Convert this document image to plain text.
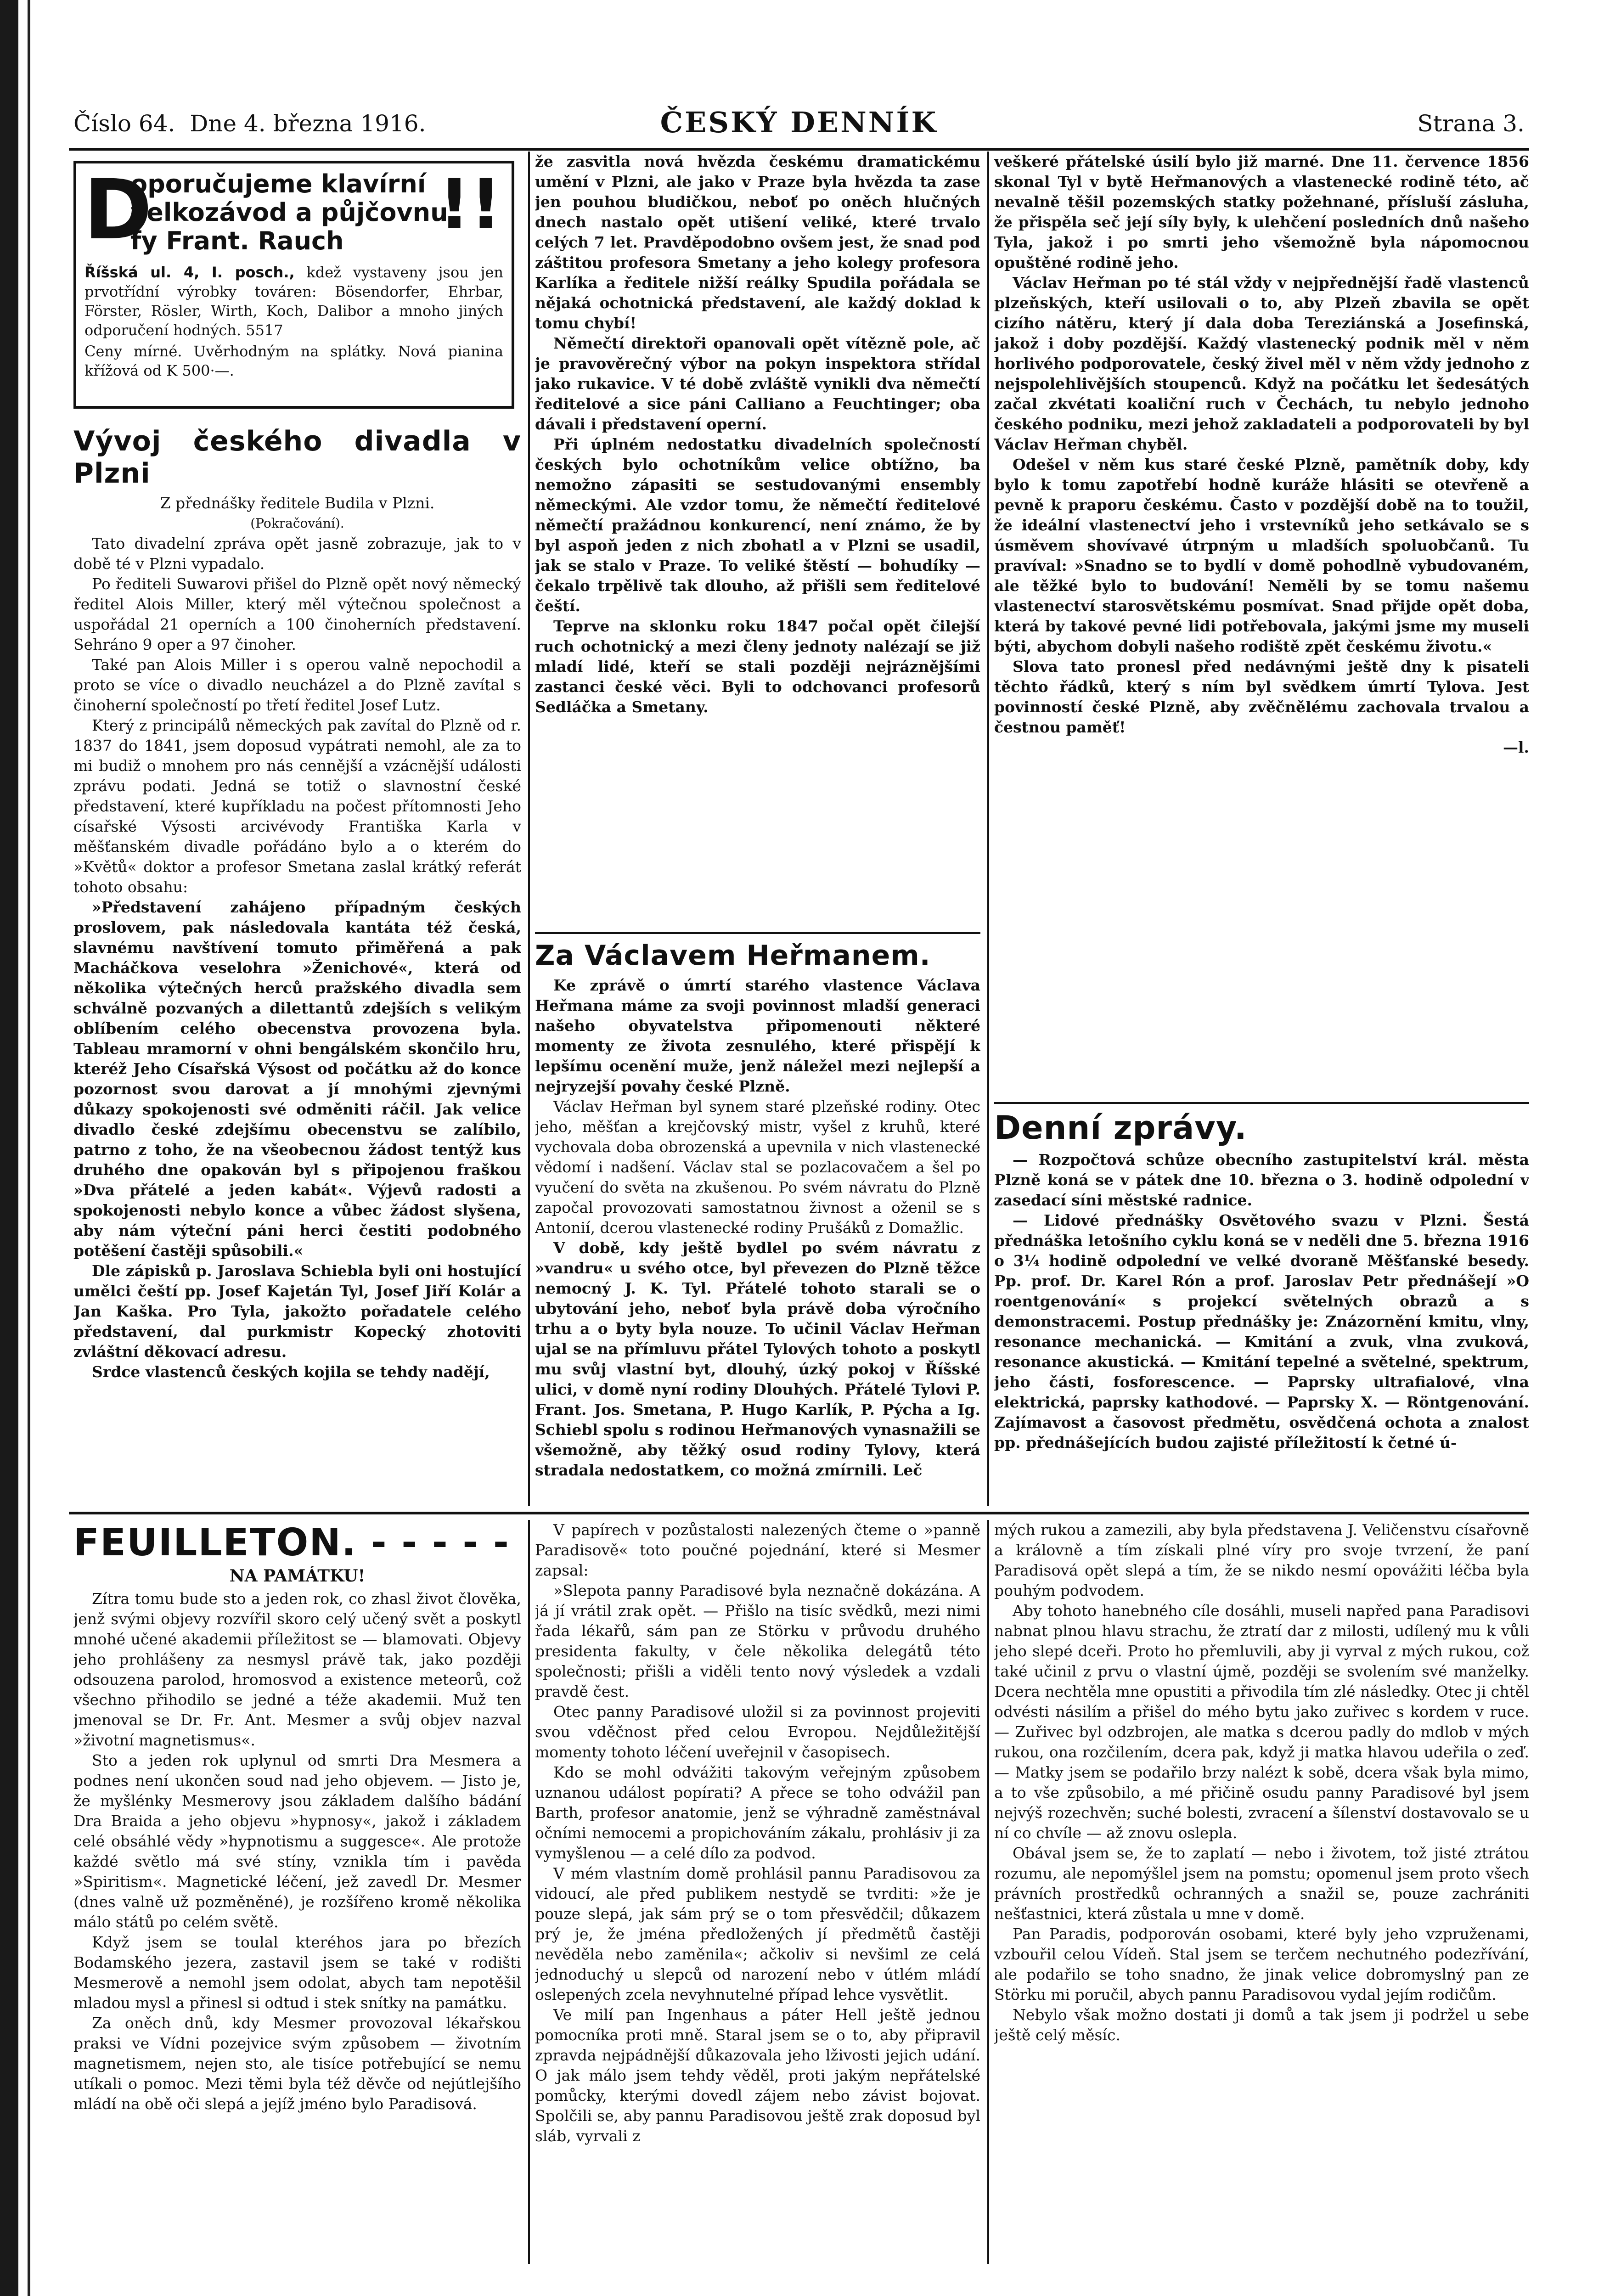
Číslo 64. Dne 4. března 1916.	ČESKÝ DENNÍK	Strana 3.
D	!!
oporučujeme klavírní velkozávod a půjčovnu fy Frant. Rauch
Říšská ul. 4, I. posch., kdež vystaveny jsou jen prvotřídní výrobky továren: Bösendorfer, Ehrbar, Förster, Rösler, Wirth, Koch, Dalibor a mnoho jiných odporučení hodných. 5517
Ceny mírné. Uvěrhodným na splátky. Nová pianina křížová od K 500·—.

Vývoj českého divadla v Plzni

Z přednášky ředitele Budila v Plzni.

(Pokračování).

Tato divadelní zpráva opět jasně zobrazuje, jak to v době té v Plzni vypadalo.

Po řediteli Suwarovi přišel do Plzně opět nový německý ředitel Alois Miller, který měl výtečnou společnost a uspořádal 21 operních a 100 činoherních představení. Sehráno 9 oper a 97 činoher.

Také pan Alois Miller i s operou valně nepochodil a proto se více o divadlo neucházel a do Plzně zavítal s činoherní společností po třetí ředitel Josef Lutz.

Který z principálů německých pak zavítal do Plzně od r. 1837 do 1841, jsem doposud vypátrati nemohl, ale za to mi budiž o mnohem pro nás cennější a vzácnější události zprávu podati. Jedná se totiž o slavnostní české představení, které kupříkladu na počest přítomnosti Jeho císařské Výsosti arcivévody Františka Karla v měšťanském divadle pořádáno bylo a o kterém do »Květů« doktor a profesor Smetana zaslal krátký referát tohoto obsahu:

»Představení zahájeno případným českých proslovem, pak následovala kantáta též česká, slavnému navštívení tomuto přiměřená a pak Macháčkova veselohra »Ženichové«, která od několika výtečných herců pražského divadla sem schválně pozvaných a dilettantů zdejších s velikým oblíbením celého obecenstva provozena byla. Tableau mramorní v ohni bengálském skončilo hru, kteréž Jeho Císařská Výsost od počátku až do konce pozornost svou darovat a jí mnohými zjevnými důkazy spokojenosti své odměniti ráčil. Jak velice divadlo české zdejšímu obecenstvu se zalíbilo, patrno z toho, že na všeobecnou žádost tentýž kus druhého dne opakován byl s připojenou fraškou »Dva přátelé a jeden kabát«. Výjevů radosti a spokojenosti nebylo konce a vůbec žádost slyšena, aby nám výteční páni herci čestiti podobného potěšení častěji spůsobili.«

Dle zápisků p. Jaroslava Schiebla byli oni hostující umělci čeští pp. Josef Kajetán Tyl, Josef Jiří Kolár a Jan Kaška. Pro Tyla, jakožto pořadatele celého představení, dal purkmistr Kopecký zhotoviti zvláštní děkovací adresu.

Srdce vlastenců českých kojila se tehdy nadějí,

že zasvitla nová hvězda českému dramatickému umění v Plzni, ale jako v Praze byla hvězda ta zase jen pouhou bludičkou, neboť po oněch hlučných dnech nastalo opět utišení veliké, které trvalo celých 7 let. Pravděpodobno ovšem jest, že snad pod záštitou profesora Smetany a jeho kolegy profesora Karlíka a ředitele nižší reálky Spudila pořádala se nějaká ochotnická představení, ale každý doklad k tomu chybí!

Němečtí direktoři opanovali opět vítězně pole, ač je pravověrečný výbor na pokyn inspektora střídal jako rukavice. V té době zvláště vynikli dva němečtí ředitelové a sice páni Calliano a Feuchtinger; oba dávali i představení operní.

Při úplném nedostatku divadelních společností českých bylo ochotníkům velice obtížno, ba nemožno zápasiti se sestudovanými ensembly německými. Ale vzdor tomu, že němečtí ředitelové němečtí pražádnou konkurencí, není známo, že by byl aspoň jeden z nich zbohatl a v Plzni se usadil, jak se stalo v Praze. To veliké štěstí — bohudíky — čekalo trpělivě tak dlouho, až přišli sem ředitelové čeští.

Teprve na sklonku roku 1847 počal opět čilejší ruch ochotnický a mezi členy jednoty nalézají se již mladí lidé, kteří se stali později nejráznějšími zastanci české věci. Byli to odchovanci profesorů Sedláčka a Smetany.

Za Václavem Heřmanem.

Ke zprávě o úmrtí starého vlastence Václava Heřmana máme za svoji povinnost mladší generaci našeho obyvatelstva připomenouti některé momenty ze života zesnulého, které přispějí k lepšímu ocenění muže, jenž náležel mezi nejlepší a nejryzejší povahy české Plzně.

Václav Heřman byl synem staré plzeňské rodiny. Otec jeho, měšťan a krejčovský mistr, vyšel z kruhů, které vychovala doba obrozenská a upevnila v nich vlastenecké vědomí i nadšení. Václav stal se pozlacovačem a šel po vyučení do světa na zkušenou. Po svém návratu do Plzně započal provozovati samostatnou živnost a oženil se s Antonií, dcerou vlastenecké rodiny Prušáků z Domažlic.

V době, kdy ještě bydlel po svém návratu z »vandru« u svého otce, byl převezen do Plzně těžce nemocný J. K. Tyl. Přátelé tohoto starali se o ubytování jeho, neboť byla právě doba výročního trhu a o byty byla nouze. To učinil Václav Heřman ujal se na přímluvu přátel Tylových tohoto a poskytl mu svůj vlastní byt, dlouhý, úzký pokoj v Říšské ulici, v domě nyní rodiny Dlouhých. Přátelé Tylovi P. Frant. Jos. Smetana, P. Hugo Karlík, P. Pýcha a Ig. Schiebl spolu s rodinou Heřmanových vynasnažili se všemožně, aby těžký osud rodiny Tylovy, která stradala nedostatkem, co možná zmírnili. Leč

veškeré přátelské úsilí bylo již marné. Dne 11. července 1856 skonal Tyl v bytě Heřmanových a vlastenecké rodině této, ač nevalně těšil pozemských statky požehnané, přísluší zásluha, že přispěla seč její síly byly, k ulehčení posledních dnů našeho Tyla, jakož i po smrti jeho všemožně byla nápomocnou opuštěné rodině jeho.

Václav Heřman po té stál vždy v nejpřednější řadě vlastenců plzeňských, kteří usilovali o to, aby Plzeň zbavila se opět cizího nátěru, který jí dala doba Tereziánská a Josefinská, jakož i doby pozdější. Každý vlastenecký podnik měl v něm horlivého podporovatele, český živel měl v něm vždy jednoho z nejspolehlivějších stoupenců. Když na počátku let šedesátých začal zkvétati koaliční ruch v Čechách, tu nebylo jednoho českého podniku, mezi jehož zakladateli a podporovateli by byl Václav Heřman chyběl.

Odešel v něm kus staré české Plzně, pamětník doby, kdy bylo k tomu zapotřebí hodně kuráže hlásiti se otevřeně a pevně k praporu českému. Často v pozdější době na to toužil, že ideální vlastenectví jeho i vrstevníků jeho setkávalo se s úsměvem shovívavé útrpným u mladších spoluobčanů. Tu pravíval: »Snadno se to bydlí v domě pohodlně vybudovaném, ale těžké bylo to budování! Neměli by se tomu našemu vlastenectví starosvětskému posmívat. Snad přijde opět doba, která by takové pevné lidi potřebovala, jakými jsme my museli býti, abychom dobyli našeho rodiště zpět českému životu.«

Slova tato pronesl před nedávnými ještě dny k pisateli těchto řádků, který s ním byl svědkem úmrtí Tylova. Jest povinností české Plzně, aby zvěčnělému zachovala trvalou a čestnou paměť!

—l.

Denní zprávy.

— Rozpočtová schůze obecního zastupitelství král. města Plzně koná se v pátek dne 10. března o 3. hodině odpolední v zasedací síni městské radnice.

— Lidové přednášky Osvětového svazu v Plzni. Šestá přednáška letošního cyklu koná se v neděli dne 5. března 1916 o 3¼ hodině odpolední ve velké dvoraně Měšťanské besedy. Pp. prof. Dr. Karel Rón a prof. Jaroslav Petr přednášejí »O roentgenování« s projekcí světelných obrazů a s demonstracemi. Postup přednášky je: Znázornění kmitu, vlny, resonance mechanická. — Kmitání a zvuk, vlna zvuková, resonance akustická. — Kmitání tepelné a světelné, spektrum, jeho části, fosforescence. — Paprsky ultrafialové, vlna elektrická, paprsky kathodové. — Paprsky X. — Röntgenování. Zajímavost a časovost předmětu, osvědčená ochota a znalost pp. přednášejících budou zajisté příležitostí k četné ú-

FEUILLETON. - - - - -

NA PAMÁTKU!

Zítra tomu bude sto a jeden rok, co zhasl život člověka, jenž svými objevy rozvířil skoro celý učený svět a poskytl mnohé učené akademii příležitost se — blamovati. Objevy jeho prohlášeny za nesmysl právě tak, jako později odsouzena parolod, hromosvod a existence meteorů, což všechno přihodilo se jedné a téže akademii. Muž ten jmenoval se Dr. Fr. Ant. Mesmer a svůj objev nazval »životní magnetismus«.

Sto a jeden rok uplynul od smrti Dra Mesmera a podnes není ukončen soud nad jeho objevem. — Jisto je, že myšlénky Mesmerovy jsou základem dalšího bádání Dra Braida a jeho objevu »hypnosy«, jakož i základem celé obsáhlé vědy »hypnotismu a suggesce«. Ale protože každé světlo má své stíny, vznikla tím i pavěda »Spiritism«. Magnetické léčení, jež zavedl Dr. Mesmer (dnes valně už pozměněné), je rozšířeno kromě několika málo států po celém světě.

Když jsem se toulal kteréhos jara po březích Bodamského jezera, zastavil jsem se také v rodišti Mesmerově a nemohl jsem odolat, abych tam nepotěšil mladou mysl a přinesl si odtud i stek snítky na památku.

Za oněch dnů, kdy Mesmer provozoval lékařskou praksi ve Vídni pozejvice svým způsobem — životním magnetismem, nejen sto, ale tisíce potřebující se nemu utíkali o pomoc. Mezi těmi byla též děvče od nejútlejšího mládí na obě oči slepá a jejíž jméno bylo Paradisová.

V papírech v pozůstalosti nalezených čteme o »panně Paradisově« toto poučné pojednání, které si Mesmer zapsal:

»Slepota panny Paradisové byla neznačně dokázána. A já jí vrátil zrak opět. — Přišlo na tisíc svědků, mezi nimi řada lékařů, sám pan ze Störku v průvodu druhého presidenta fakulty, v čele několika delegátů této společnosti; přišli a viděli tento nový výsledek a vzdali pravdě čest.

Otec panny Paradisové uložil si za povinnost projeviti svou vděčnost před celou Evropou. Nejdůležitější momenty tohoto léčení uveřejnil v časopisech.

Kdo se mohl odvážiti takovým veřejným způsobem uznanou událost popírati? A přece se toho odvážil pan Barth, profesor anatomie, jenž se výhradně zaměstnával očními nemocemi a propichováním zákalu, prohlásiv ji za vymyšlenou — a celé dílo za podvod.

V mém vlastním domě prohlásil pannu Paradisovou za vidoucí, ale před publikem nestydě se tvrditi: »že je pouze slepá, jak sám prý se o tom přesvědčil; důkazem prý je, že jména předložených jí předmětů častěji nevěděla nebo zaměnila«; ačkoliv si nevšiml ze celá jednoduchý u slepců od narození nebo v útlém mládí oslepených zcela nevyhnutelné případ lehce vysvětlit.

Ve milí pan Ingenhaus a páter Hell ještě jednou pomocníka proti mně. Staral jsem se o to, aby připravil zpravda nejpádnější důkazovala jeho lživosti jejich udání. O jak málo jsem tehdy věděl, proti jakým nepřátelské pomůcky, kterými dovedl zájem nebo závist bojovat. Spolčili se, aby pannu Paradisovou ještě zrak doposud byl sláb, vyrvali z

mých rukou a zamezili, aby byla představena J. Veličenstvu císařovně a královně a tím získali plné víry pro svoje tvrzení, že paní Paradisová opět slepá a tím, že se nikdo nesmí opovážiti léčba byla pouhým podvodem.

Aby tohoto hanebného cíle dosáhli, museli napřed pana Paradisovi nabnat plnou hlavu strachu, že ztratí dar z milosti, udílený mu k vůli jeho slepé dceři. Proto ho přemluvili, aby ji vyrval z mých rukou, což také učinil z prvu o vlastní újmě, později se svolením své manželky. Dcera nechtěla mne opustiti a přivodila tím zlé následky. Otec ji chtěl odvésti násilím a přišel do mého bytu jako zuřivec s kordem v ruce. — Zuřivec byl odzbrojen, ale matka s dcerou padly do mdlob v mých rukou, ona rozčilením, dcera pak, když ji matka hlavou udeřila o zeď. — Matky jsem se podařilo brzy nalézt k sobě, dcera však byla mimo, a to vše způsobilo, a mé přičině osudu panny Paradisové byl jsem nejvýš rozechvěn; suché bolesti, zvracení a šílenství dostavovalo se u ní co chvíle — až znovu oslepla.

Obával jsem se, že to zaplatí — nebo i životem, tož jisté ztrátou rozumu, ale nepomýšlel jsem na pomstu; opomenul jsem proto všech právních prostředků ochranných a snažil se, pouze zachrániti nešťastnici, která zůstala u mne v domě.

Pan Paradis, podporován osobami, které byly jeho vzpruženami, vzbouřil celou Vídeň. Stal jsem se terčem nechutného podezřívání, ale podařilo se toho snadno, že jinak velice dobromyslný pan ze Störku mi poručil, abych pannu Paradisovou vydal jejím rodičům.

Nebylo však možno dostati ji domů a tak jsem ji podržel u sebe ještě celý měsíc.
